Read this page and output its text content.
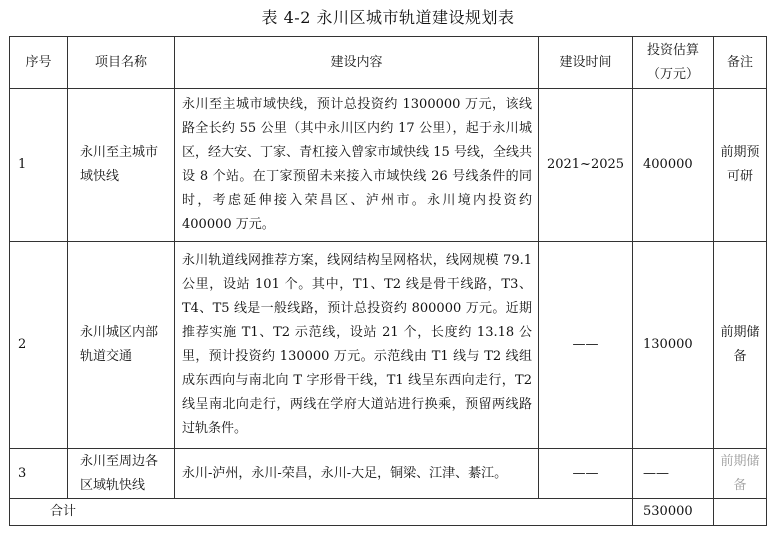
表 4-2 永川区城市轨道建设规划表
序号	项目名称	建设内容	建设时间	投资估算（万元）	备注
1	永川至主城市域快线	永川至主城市域快线，预计总投资约 1300000 万元，该线路全长约 55 公里（其中永川区内约 17 公里），起于永川城区，经大安、丁家、青杠接入曾家市域快线 15 号线，全线共设 8 个站。在丁家预留未来接入市域快线 26 号线条件的同时，考虑延伸接入荣昌区、泸州市。永川境内投资约 400000 万元。	2021~2025	400000	前期预可研
2	永川城区内部轨道交通	永川轨道线网推荐方案，线网结构呈网格状，线网规模 79.1 公里，设站 101 个。其中，T1、T2 线是骨干线路，T3、T4、T5 线是一般线路，预计总投资约 800000 万元。近期推荐实施 T1、T2 示范线，设站 21 个，长度约 13.18 公里，预计投资约 130000 万元。示范线由 T1 线与 T2 线组成东西向与南北向 T 字形骨干线，T1 线呈东西向走行，T2 线呈南北向走行，两线在学府大道站进行换乘，预留两线路过轨条件。	——	130000	前期储备
3	永川至周边各区域轨快线	永川-泸州，永川-荣昌，永川-大足，铜梁、江津、綦江。	——	——	前期储备
合计				530000	
